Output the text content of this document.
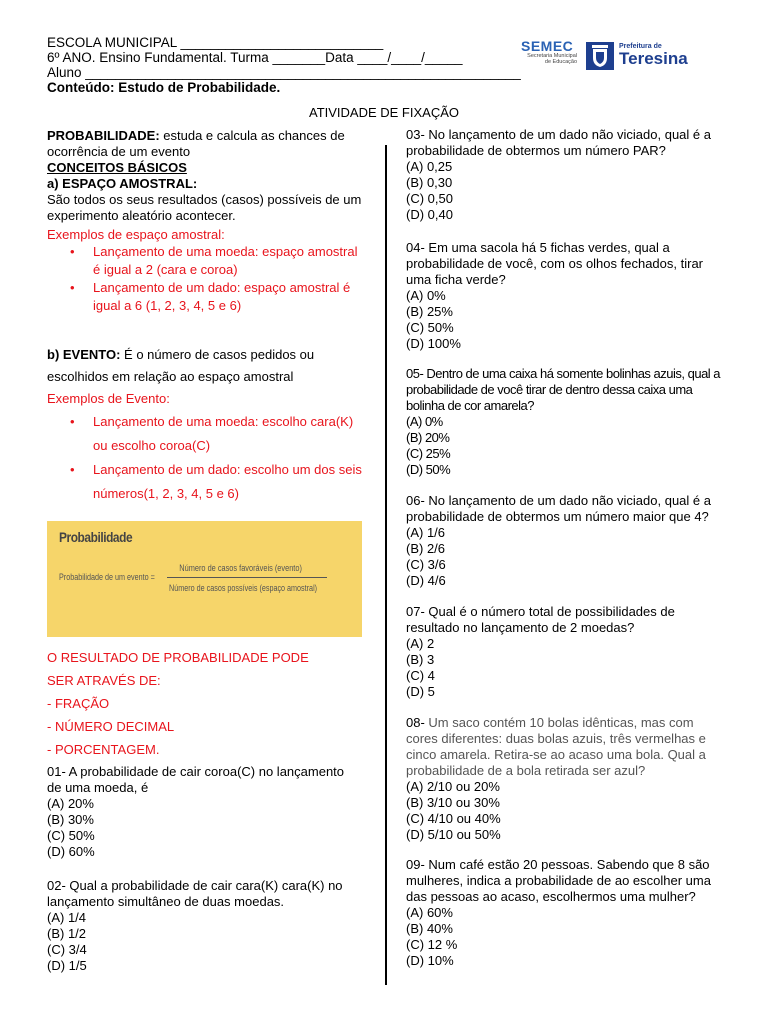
ESCOLA MUNICIPAL ___________________________
6º ANO. Ensino Fundamental. Turma _______Data ____/____/_____
Aluno __________________________________________________________
Conteúdo: Estudo de Probabilidade.
SEMEC
Secretaria Municipal de Educação
Prefeitura de
Teresina
ATIVIDADE DE FIXAÇÃO

PROBABILIDADE: estuda e calcula as chances de ocorrência de um evento

CONCEITOS BÁSICOS

a) ESPAÇO AMOSTRAL:

São todos os seus resultados (casos) possíveis de um experimento aleatório acontecer.

Exemplos de espaço amostral:

• Lançamento de uma moeda: espaço amostral é igual a 2 (cara e coroa)
• Lançamento de um dado: espaço amostral é igual a 6 (1, 2, 3, 4, 5 e 6)

b) EVENTO: É o número de casos pedidos ou escolhidos em relação ao espaço amostral

Exemplos de Evento:

• Lançamento de uma moeda: escolho cara(K) ou escolho coroa(C)
• Lançamento de um dado: escolho um dos seis números(1, 2, 3, 4, 5 e 6)
Probabilidade
Probabilidade de um evento =
Número de casos favoráveis (evento)
Número de casos possíveis (espaço amostral)
O RESULTADO DE PROBABILIDADE PODE
SER ATRAVÉS DE:
- FRAÇÃO
- NÚMERO DECIMAL
- PORCENTAGEM.

01- A probabilidade de cair coroa(C) no lançamento de uma moeda, é

(A) 20%

(B) 30%

(C) 50%

(D) 60%

02- Qual a probabilidade de cair cara(K) cara(K) no lançamento simultâneo de duas moedas.

(A) 1/4

(B) 1/2

(C) 3/4

(D) 1/5

03- No lançamento de um dado não viciado, qual é a probabilidade de obtermos um número PAR?

(A) 0,25

(B) 0,30

(C) 0,50

(D) 0,40

04- Em uma sacola há 5 fichas verdes, qual a probabilidade de você, com os olhos fechados, tirar uma ficha verde?

(A) 0%

(B) 25%

(C) 50%

(D) 100%

05- Dentro de uma caixa há somente bolinhas azuis, qual a probabilidade de você tirar de dentro dessa caixa uma bolinha de cor amarela?

(A) 0%

(B) 20%

(C) 25%

(D) 50%

06- No lançamento de um dado não viciado, qual é a probabilidade de obtermos um número maior que 4?

(A) 1/6

(B) 2/6

(C) 3/6

(D) 4/6

07- Qual é o número total de possibilidades de resultado no lançamento de 2 moedas?

(A) 2

(B) 3

(C) 4

(D) 5

08- Um saco contém 10 bolas idênticas, mas com cores diferentes: duas bolas azuis, três vermelhas e cinco amarela. Retira-se ao acaso uma bola. Qual a probabilidade de a bola retirada ser azul?

(A) 2/10 ou 20%

(B) 3/10 ou 30%

(C) 4/10 ou 40%

(D) 5/10 ou 50%

09- Num café estão 20 pessoas. Sabendo que 8 são mulheres, indica a probabilidade de ao escolher uma das pessoas ao acaso, escolhermos uma mulher?

(A) 60%

(B) 40%

(C) 12 %

(D) 10%
